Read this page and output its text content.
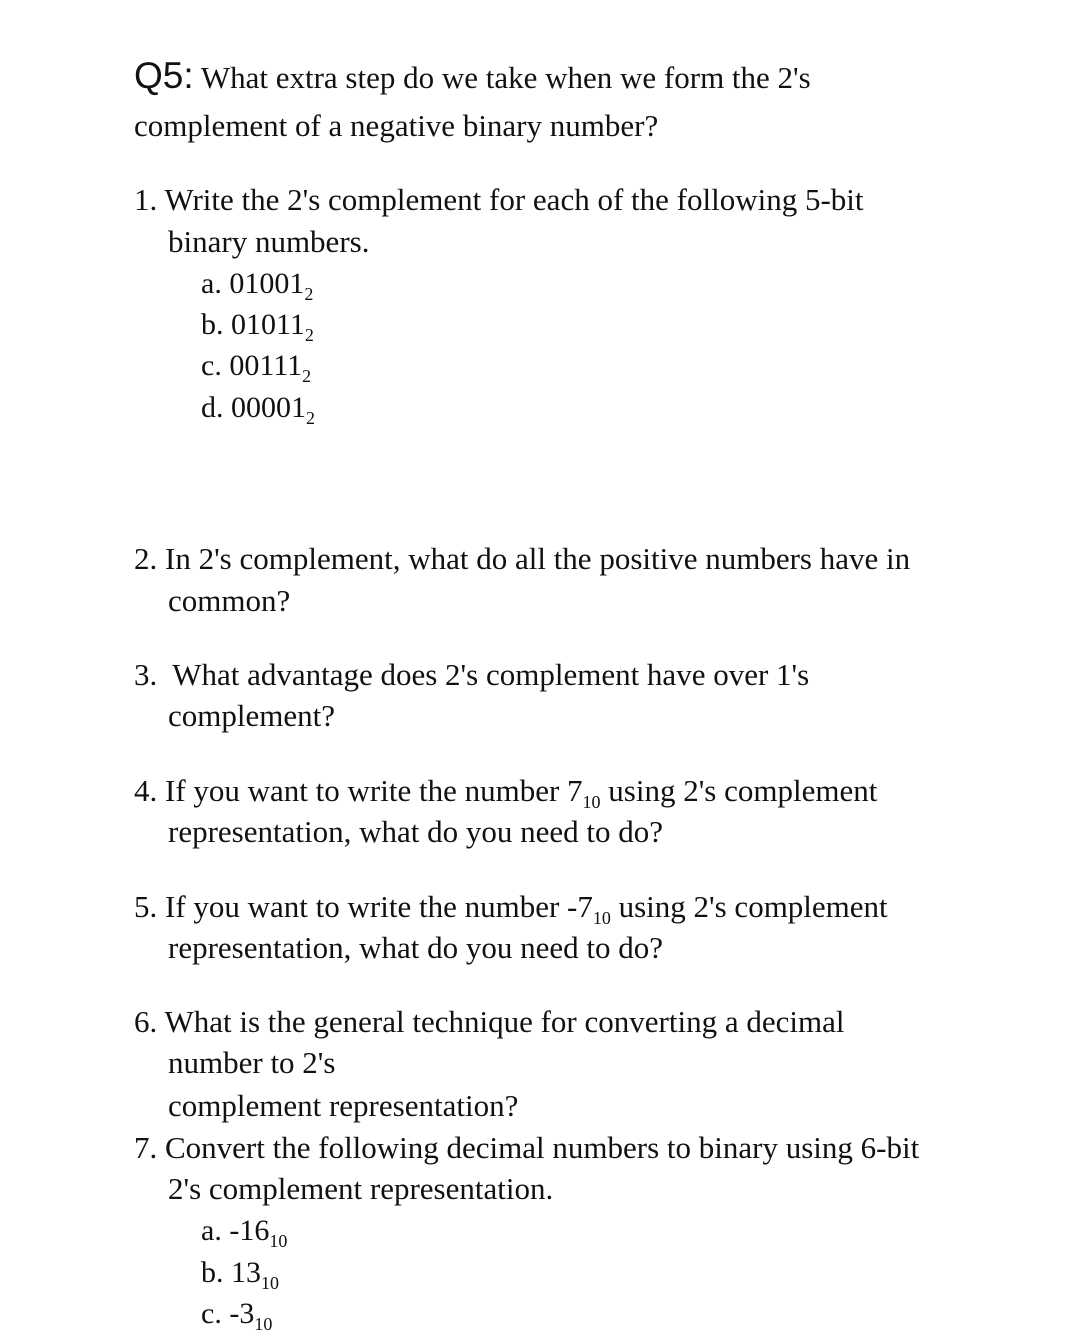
Q5: What extra step do we take when we form the 2's
complement of a negative binary number?
1. Write the 2's complement for each of the following 5-bit
binary numbers.
a. $01001_2$
b. $01011_2$
c. $00111_2$
d. $00001_2$
2. In 2's complement, what do all the positive numbers have in
common?
3. What advantage does 2's complement have over 1's
complement?
4. If you want to write the number $7_{10}$ using 2's complement
representation, what do you need to do?
5. If you want to write the number $-7_{10}$ using 2's complement
representation, what do you need to do?
6. What is the general technique for converting a decimal
number to 2's
complement representation?
7. Convert the following decimal numbers to binary using 6-bit
2's complement representation.
a. $-16_{10}$
b. $13_{10}$
c. $-3_{10}$
